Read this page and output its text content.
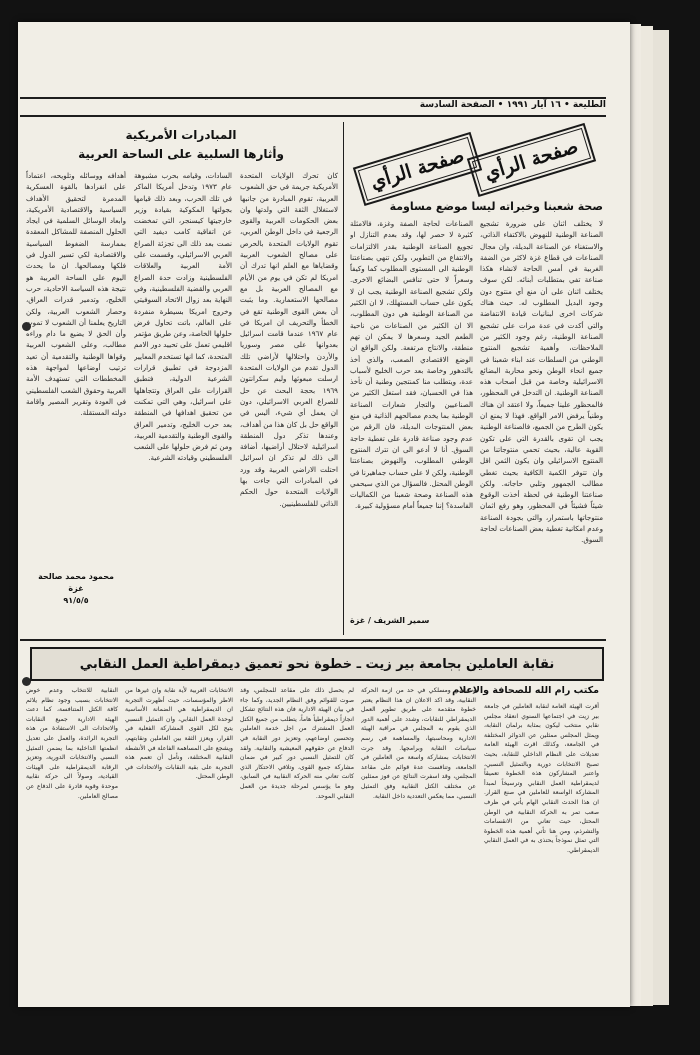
الطليعة • ١٦ آيار ١٩٩١ • الصفحة السادسة
صفحة الرأي صفحة الرأي
صحة شعبنا وخبراته ليسا موضع مساومة
لا يختلف اثنان على ضرورة تشجيع الصناعة الوطنية للنهوض بالاكتفاء الذاتي، والاستغناء عن الصناعة البديلة، وان مجال الصناعات في قطاع غزة لاكثر من الضفة الغربية في أمس الحاجة لانشاء هكذا صناعة تفي بمتطلبات أبنائه. لكن سوف يختلف اثنان على أن منع أي منتوج دون وجود البديل المطلوب له. حيث هناك شركات اخرى لبنانيات قيادة الانتفاضة والتي أكدت في عدة مرات على تشجيع الصناعة الوطنية، رغم وجود الكثير من الملاحظات، وأهمية تشجيع المنتوج الوطني من السلطات عند ابناء شعبنا في جميع انحاء الوطن ونحو محاربة البضائع الاسرائيلية وخاصة من قبل أصحاب هذه الصناعة الوطنية. ان التدخل في المحظور، فالمحظور علينا جميعاً، ولا اعتقد ان هناك وطنياً يرفض الامر الواقع. فهذا لا يمنع ان يكون الطرح من الجميع، فالصناعة الوطنية يجب ان تقوى بالقدرة التي على تكون القوية عالية، بحيث تحمي منتوجاتنا من المنتوج الاسرائيلي وان يكون الثمن اقل وان تتوفر الكمية الكافية بحيث تغطي مطالب الجمهور وتلبي حاجاته. ولكن صناعتنا الوطنية في لحظة أخذت الوقوع شيئاً فشيئاً في المحظور، وهو رفع اثمان منتوجاتها باستمرار، والتي بجودة الصناعة وعدم امكانية تغطية بعض الصناعات لحاجة السوق.
الصناعات لحاجة الصفة وغزة، فالامثلة كثيرة لا حصر لها، وقد بعدم التنازل او تجويع الصناعة الوطنية بقدر الالتزامات والانتفاع من التطوير، ولكن تنهي بصناعتنا الوطنية الى المستوى المطلوب كما وكيفاً وسعراً لا حتى تنافس البضائع الاخرى. ولكن تشجيع الصناعة الوطنية يجب ان لا يكون على حساب المستهلك، لا ان الكثير من الصناعة الوطنية هي دون المطلوب، الا ان الكثير من الصناعات من ناحية الطعم الجيد وسعرها لا يمكن ان تهم منطقة، والانتاج مرتفعة. ولكن الواقع ان الوضع الاقتصادي الصعب، والذي أخذ بالتدهور وخاصة بعد حرب الخليج لأسباب عدة، ويتطلب منا كمنتجين وطنية أن نأخذ هذا في الحسبان، فقد استغل الكثير من الصناعيين والتجار شعارات الصناعة الوطنية بما يخدم مصالحهم الذاتية في منع بعض المنتوجات البديلة، فان الرقم من عدم وجود صناعة قادرة على تغطية حاجة السوق. أنا لا أدعو الى ان تترك المنتوج الوطني المطلوب، والنهوض بصناعتنا الوطنية، ولكن لا على حساب جماهيرنا في الوطن المحتل. فالسؤال من الذي سيحمي هذه الصناعة وصحة شعبنا من الكماليات الفاسدة؟ إننا جميعاً أمام مسؤولية كبيرة.
سمير الشريف / غزة
المبادرات الأمريكية
وأثارها السلبية على الساحة العربية
كان تحرك الولايات المتحدة الأمريكية جريمة في حق الشعوب العربية، تقوم المبادرة من جانبها لاستغلال الثقة التي ولدتها وان بعض الحكومات العربية والقوى الرجعية في داخل الوطن العربي، تقوم الولايات المتحدة بالحرص على مصالح الشعوب العربية وقضاياها مع العلم انها تدرك أن امريكا لم تكن في يوم من الأيام مع المصالح العربية بل مع مصالحها الاستعمارية. وما يثبت أن بعض القوى الوطنية تقع في الخطأ والتحريف ان امريكا في عام ١٩٦٧ عندما قامت اسرائيل بعدوانها على مصر وسوريا والأردن واحتلالها لأراضي تلك الدول تقدم من الولايات المتحدة ارسلت مبعوثها وليم سكرانتون ١٩٦٩ بحجة البحث عن حل للصراع العربي الاسرائيلي، دون ان يعمل أي شيء، أليس في الواقع حل بل كان هذا من أهداف، وعندها تذكر دول المنطقة اسرائيلية لاحتلال أراضيها، أضافة الى ذلك لم تذكر ان اسرائيل احتلت الاراضي العربية وقد ورد في المبادرات التي جاءت بها الولايات المتحدة حول الحكم الذاتي للفلسطينيين.
السادات، وقيامه بحرب مشبوهة عام ١٩٧٣ وتدخل أمريكا الماكر في تلك الحرب، وبعد ذلك قيامها بجولتها المكوكية بقيادة وزير خارجيتها كيسنجر، التي تمخضت عن اتفاقية كامب ديفيد التي نصت بعد ذلك الى تجزئة الصراع العربي الاسرائيلي، وقسمت على الأمة العربية والعلاقات الفلسطينية وزادت حدة الصراع العربي والقضية الفلسطينية، وفي النهاية بعد زوال الاتحاد السوفيتي وخروج امريكا بسيطرة منفردة على العالم، باتت تحاول فرض حلولها الخاصة، وعن طريق مؤتمر اقليمي تعمل على تحييد دور الامم المتحدة، كما انها تستخدم المعايير المزدوجة في تطبيق قرارات الشرعية الدولية، فتطبق القرارات على العراق وتتجاهلها على اسرائيل، وهي التي تمكنت من تحقيق اهدافها في المنطقة بعد حرب الخليج، وتدمير العراق والقوى الوطنية والتقدمية العربية، ومن ثم فرض حلولها على الشعب الفلسطيني وقيادته الشرعية.
أهدافه ووسائله وتلويحه، اعتماداً على انفرادها بالقوة العسكرية المدمرة لتحقيق الأهداف السياسية والاقتصادية الأمريكية، وابعاد الوسائل السلمية في ايجاد الحلول المنصفة للمشاكل المعقدة بممارسة الضغوط السياسية والاقتصادية لكي تسير الدول في فلكها ومصالحها. ان ما يحدث اليوم على الساحة العربية هو نتيجة هذه السياسة الاحادية، حرب الخليج، وتدمير قدرات العراق، وحصار الشعوب العربية، ولكن التاريخ يعلمنا أن الشعوب لا تموت وأن الحق لا يضيع ما دام وراءه مطالب، وعلى الشعوب العربية وقواها الوطنية والتقدمية أن تعيد ترتيب أوضاعها لمواجهة هذه المخططات التي تستهدف الأمة العربية وحقوق الشعب الفلسطيني في العودة وتقرير المصير واقامة دولته المستقلة.
محمود محمد صالحة
غزة
٩١/٥/٥
نقابة العاملين بجامعة بير زيت ـ خطوة نحو تعميق ديمقراطية العمل النقابي
مكتب رام الله للصحافة والاعلام
أقرت الهيئة العامة لنقابة العاملين في جامعة بير زيت في اجتماعها السنوي انعقاد مجلس نقابي منتخب ليكون بمثابة برلمان النقابة، ويمثل المجلس ممثلين عن الدوائر المختلفة في الجامعة، وكذلك اقرت الهيئة العامة تعديلات على النظام الداخلي للنقابة، بحيث تصبح الانتخابات دورية وبالتمثيل النسبي، واعتبر المشاركون هذه الخطوة تعميقاً لديمقراطية العمل النقابي وترسيخاً لمبدأ المشاركة الواسعة للعاملين في صنع القرار. ان هذا الحدث النقابي الهام يأتي في ظرف صعب تمر به الحركة النقابية في الوطن المحتل، حيث تعاني من الانقسامات والتشرذم، ومن هنا تأتي أهمية هذه الخطوة التي تمثل نموذجاً يحتذى به في العمل النقابي الديمقراطي.
وسياسي ومسلكي في حد من ازمة الحركة النقابية، وقد اكد الاعلان ان هذا النظام يعتبر خطوة متقدمة على طريق تطوير العمل الديمقراطي للنقابات، وشدد على أهمية الدور الذي يقوم به المجلس في مراقبة الهيئة الادارية ومحاسبتها، والمساهمة في رسم سياسات النقابة وبرامجها. وقد جرت الانتخابات بمشاركة واسعة من العاملين في الجامعة، وتنافست عدة قوائم على مقاعد المجلس، وقد اسفرت النتائج عن فوز ممثلين عن مختلف الكتل النقابية وفق التمثيل النسبي، مما يعكس التعددية داخل النقابة.
لم يحصل ذلك على مقاعد للمجلس، وقد صوت للقوائم وفق النظام الجديد، وكما جاء في بيان الهيئة الادارية فان هذه النتائج تشكل انجازاً ديمقراطياً هاماً، يتطلب من جميع الكتل العمل المشترك من اجل خدمة العاملين وتحسين اوضاعهم، وتعزيز دور النقابة في الدفاع عن حقوقهم المعيشية والنقابية. ولقد كان للتمثيل النسبي دور كبير في ضمان مشاركة جميع القوى، وتلافي الاحتكار الذي كانت تعاني منه الحركة النقابية في السابق، وهو ما يؤسس لمرحلة جديدة من العمل النقابي الموحد.
الانتخابات العربية لأية نقابة وان غيرها من الاطر والمؤسسات، حيث أظهرت التجربة ان الديمقراطية هي الضمانة الأساسية لوحدة العمل النقابي، وان التمثيل النسبي يتيح لكل القوى المشاركة الفعلية في القرار، ويعزز الثقة بين العاملين ونقابتهم، ويشجع على المساهمة الفاعلة في الأنشطة النقابية المختلفة، ونأمل أن تعمم هذه التجربة على بقية النقابات والاتحادات في الوطن المحتل.
النقابية للانتخاب وعدم خوض الانتخابات بسبب وجود نظام يلائم كافة الكتل المتنافسة، كما دعت الهيئة الادارية جميع النقابات والاتحادات الى الاستفادة من هذه التجربة الرائدة، والعمل على تعديل انظمتها الداخلية بما يضمن التمثيل النسبي والانتخابات الدورية، وتعزيز الرقابة الديمقراطية على الهيئات القيادية، وصولاً الى حركة نقابية موحدة وقوية قادرة على الدفاع عن مصالح العاملين.
